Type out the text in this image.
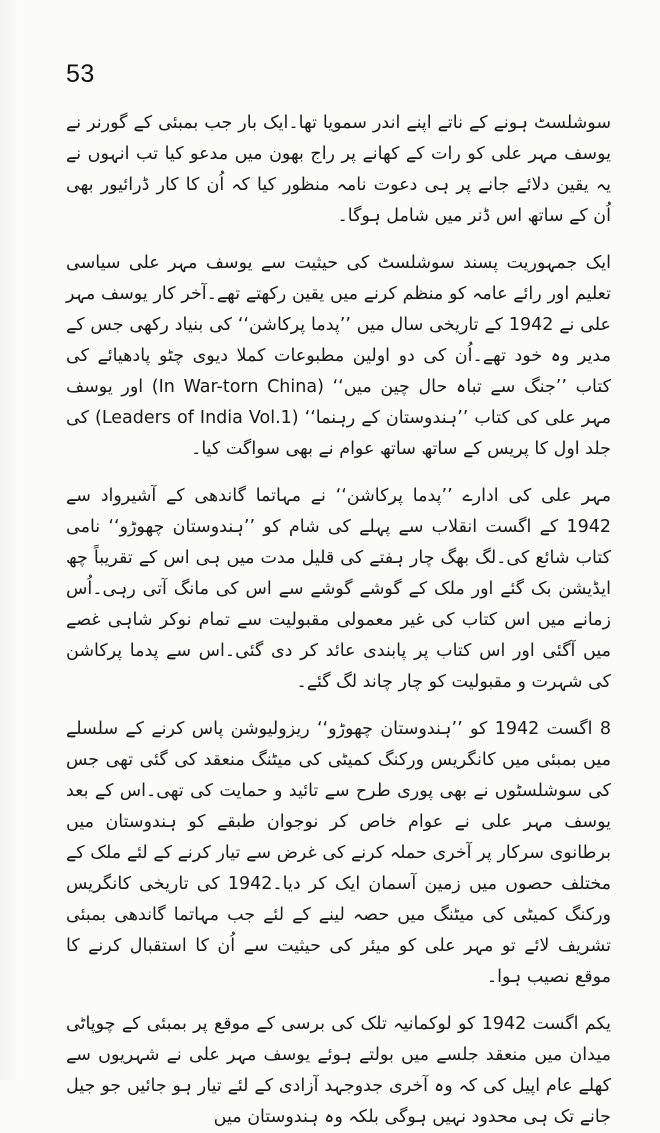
53

سوشلسٹ ہونے کے ناتے اپنے اندر سمویا تھا۔ایک بار جب بمبئی کے گورنر نے یوسف مہر علی کو رات کے کھانے پر راج بھون میں مدعو کیا تب انہوں نے یہ یقین دلائے جانے پر ہی دعوت نامہ منظور کیا کہ اُن کا کار ڈرائیور بھی اُن کے ساتھ اس ڈنر میں شامل ہوگا۔

ایک جمہوریت پسند سوشلسٹ کی حیثیت سے یوسف مہر علی سیاسی تعلیم اور رائے عامہ کو منظم کرنے میں یقین رکھتے تھے۔آخر کار یوسف مہر علی نے 1942 کے تاریخی سال میں ’’پدما پرکاشن‘‘ کی بنیاد رکھی جس کے مدیر وہ خود تھے۔اُن کی دو اولین مطبوعات کملا دیوی چٹو پادھیائے کی کتاب ’’جنگ سے تباہ حال چین میں‘‘ (In War-torn China) اور یوسف مہر علی کی کتاب ’’ہندوستان کے رہنما‘‘ (Leaders of India Vol.1) کی جلد اول کا پریس کے ساتھ ساتھ عوام نے بھی سواگت کیا۔

مہر علی کی ادارے ’’پدما پرکاشن‘‘ نے مہاتما گاندھی کے آشیرواد سے 1942 کے اگست انقلاب سے پہلے کی شام کو ’’ہندوستان چھوڑو‘‘ نامی کتاب شائع کی۔لگ بھگ چار ہفتے کی قلیل مدت میں ہی اس کے تقریباً چھ ایڈیشن بک گئے اور ملک کے گوشے گوشے سے اس کی مانگ آتی رہی۔اُس زمانے میں اس کتاب کی غیر معمولی مقبولیت سے تمام نوکر شاہی غصے میں آگئی اور اس کتاب پر پابندی عائد کر دی گئی۔اس سے پدما پرکاشن کی شہرت و مقبولیت کو چار چاند لگ گئے۔

8 اگست 1942 کو ’’ہندوستان چھوڑو‘‘ ریزولیوشن پاس کرنے کے سلسلے میں بمبئی میں کانگریس ورکنگ کمیٹی کی میٹنگ منعقد کی گئی تھی جس کی سوشلسٹوں نے بھی پوری طرح سے تائید و حمایت کی تھی۔اس کے بعد یوسف مہر علی نے عوام خاص کر نوجوان طبقے کو ہندوستان میں برطانوی سرکار پر آخری حملہ کرنے کی غرض سے تیار کرنے کے لئے ملک کے مختلف حصوں میں زمین آسمان ایک کر دیا۔1942 کی تاریخی کانگریس ورکنگ کمیٹی کی میٹنگ میں حصہ لینے کے لئے جب مہاتما گاندھی بمبئی تشریف لائے تو مہر علی کو میئر کی حیثیت سے اُن کا استقبال کرنے کا موقع نصیب ہوا۔

یکم اگست 1942 کو لوکمانیہ تلک کی برسی کے موقع پر بمبئی کے چوپاٹی میدان میں منعقد جلسے میں بولتے ہوئے یوسف مہر علی نے شہریوں سے کھلے عام اپیل کی کہ وہ آخری جدوجہد آزادی کے لئے تیار ہو جائیں جو جیل جانے تک ہی محدود نہیں ہوگی بلکہ وہ ہندوستان میں
